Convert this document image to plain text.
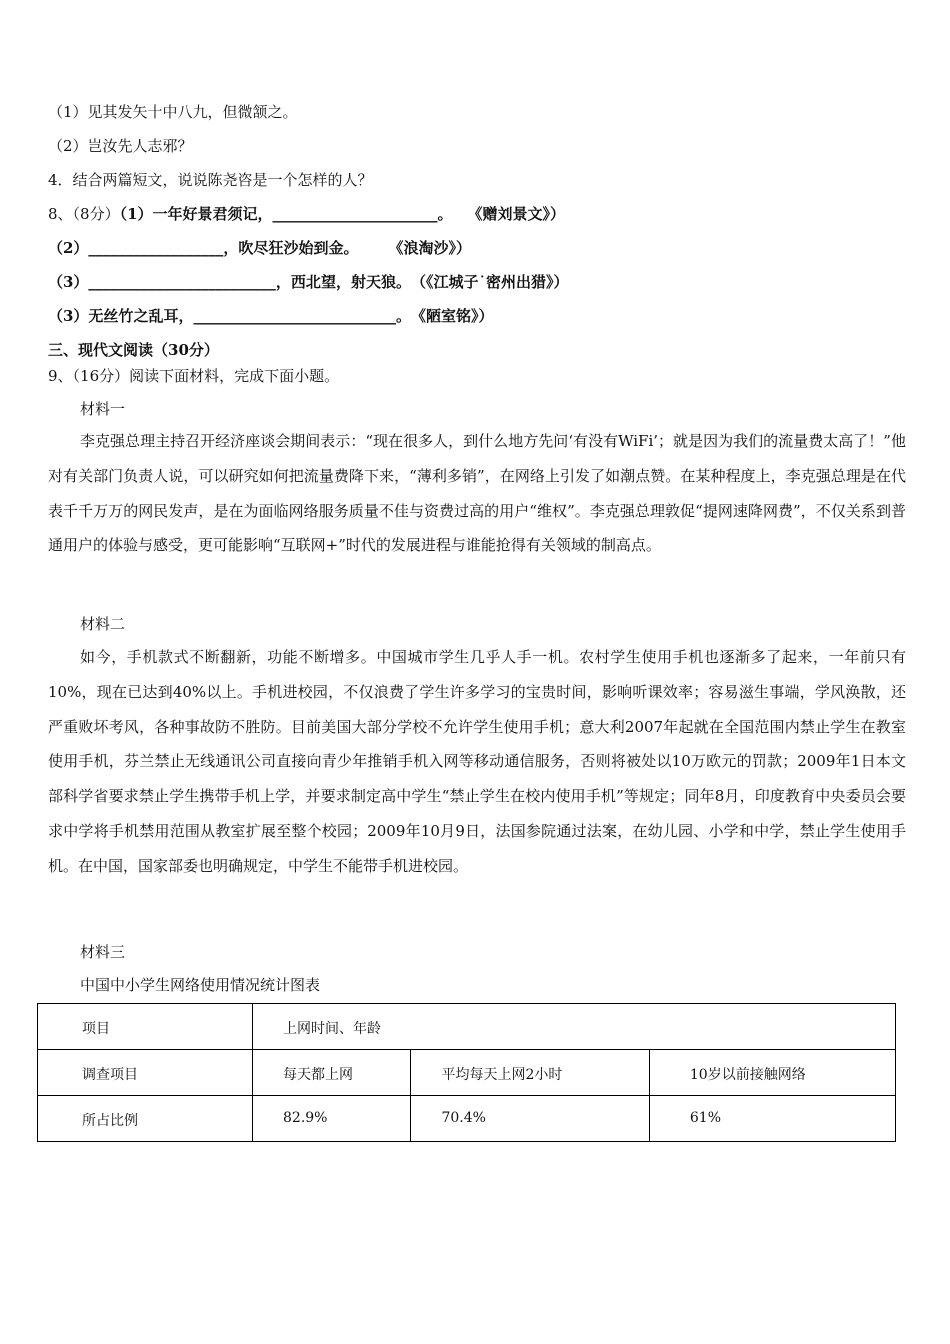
（1）见其发矢十中八九，但微颔之。
（2）岂汝先人志邪？
4．结合两篇短文，说说陈尧咨是一个怎样的人？
8、（8分）（1）一年好景君须记，______________________。　　《赠刘景文》）
（2）__________________，吹尽狂沙始到金。　　　《浪淘沙》）
（3）_________________________，西北望，射天狼。　（《江城子˙密州出猎》）
（3）无丝竹之乱耳，___________________________。　《陋室铭》）
三、现代文阅读（30分）
9、（16分）阅读下面材料，完成下面小题。
材料一

李克强总理主持召开经济座谈会期间表示：“现在很多人，到什么地方先问‘有没有WiFi’；就是因为我们的流量费太高了！”他对有关部门负责人说，可以研究如何把流量费降下来，“薄利多销”，在网络上引发了如潮点赞。在某种程度上，李克强总理是在代表千千万万的网民发声，是在为面临网络服务质量不佳与资费过高的用户“维权”。李克强总理敦促“提网速降网费”，不仅关系到普通用户的体验与感受，更可能影响“互联网+”时代的发展进程与谁能抢得有关领域的制高点。

材料二

如今，手机款式不断翻新，功能不断增多。中国城市学生几乎人手一机。农村学生使用手机也逐渐多了起来，一年前只有10%，现在已达到40%以上。手机进校园，不仅浪费了学生许多学习的宝贵时间，影响听课效率；容易滋生事端，学风涣散，还严重败坏考风，各种事故防不胜防。目前美国大部分学校不允许学生使用手机；意大利2007年起就在全国范围内禁止学生在教室使用手机，芬兰禁止无线通讯公司直接向青少年推销手机入网等移动通信服务，否则将被处以10万欧元的罚款；2009年1日本文部科学省要求禁止学生携带手机上学，并要求制定高中学生“禁止学生在校内使用手机”等规定；同年8月，印度教育中央委员会要求中学将手机禁用范围从教室扩展至整个校园；2009年10月9日，法国参院通过法案，在幼儿园、小学和中学，禁止学生使用手机。在中国，国家部委也明确规定，中学生不能带手机进校园。

材料三
中国中小学生网络使用情况统计图表
项目	上网时间、年龄		
调查项目	每天都上网	平均每天上网2小时	10岁以前接触网络
所占比例	82.9%	70.4%	61%
